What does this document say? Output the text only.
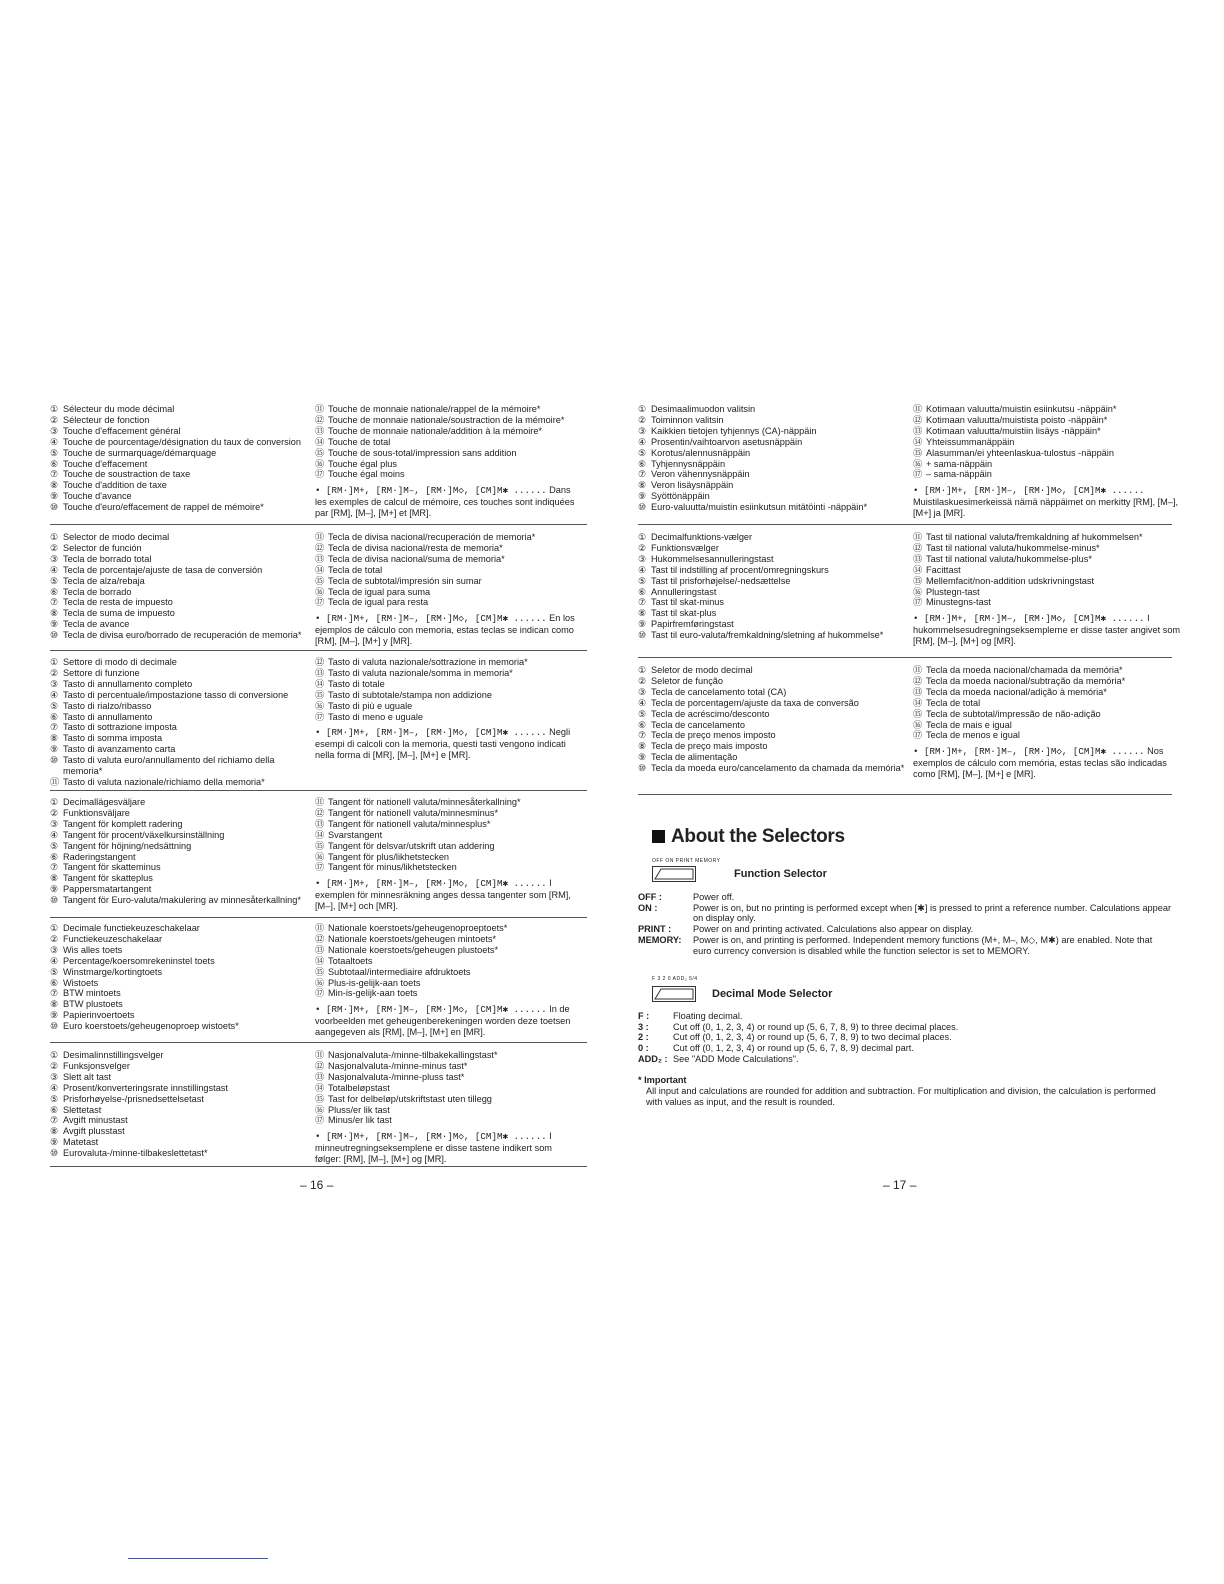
① Sélecteur du mode décimal
② Sélecteur de fonction
③ Touche d'effacement général
④ Touche de pourcentage/désignation du taux de conversion
⑤ Touche de surmarquage/démarquage
⑥ Touche d'effacement
⑦ Touche de soustraction de taxe
⑧ Touche d'addition de taxe
⑨ Touche d'avance
⑩ Touche d'euro/effacement de rappel de mémoire*
⑪ Touche de monnaie nationale/rappel de la mémoire*
⑫ Touche de monnaie nationale/soustraction de la mémoire*
⑬ Touche de monnaie nationale/addition à la mémoire*
⑭ Touche de total
⑮ Touche de sous-total/impression sans addition
⑯ Touche égal plus
⑰ Touche égal moins
• [RM·]M+, [RM·]M–, [RM·]M◇, [CM]M✱ ...... Dans les exemples de calcul de mémoire, ces touches sont indiquées par [RM], [M–], [M+] et [MR].
① Selector de modo decimal
② Selector de función
③ Tecla de borrado total
④ Tecla de porcentaje/ajuste de tasa de conversión
⑤ Tecla de alza/rebaja
⑥ Tecla de borrado
⑦ Tecla de resta de impuesto
⑧ Tecla de suma de impuesto
⑨ Tecla de avance
⑩ Tecla de divisa euro/borrado de recuperación de memoria*
⑪ Tecla de divisa nacional/recuperación de memoria*
⑫ Tecla de divisa nacional/resta de memoria*
⑬ Tecla de divisa nacional/suma de memoria*
⑭ Tecla de total
⑮ Tecla de subtotal/impresión sin sumar
⑯ Tecla de igual para suma
⑰ Tecla de igual para resta
• [RM·]M+, [RM·]M–, [RM·]M◇, [CM]M✱ ...... En los ejemplos de cálculo con memoria, estas teclas se indican como [RM], [M–], [M+] y [MR].
① Settore di modo di decimale
② Settore di funzione
③ Tasto di annullamento completo
④ Tasto di percentuale/impostazione tasso di conversione
⑤ Tasto di rialzo/ribasso
⑥ Tasto di annullamento
⑦ Tasto di sottrazione imposta
⑧ Tasto di somma imposta
⑨ Tasto di avanzamento carta
⑩ Tasto di valuta euro/annullamento del richiamo della memoria*
⑪ Tasto di valuta nazionale/richiamo della memoria*
⑫ Tasto di valuta nazionale/sottrazione in memoria*
⑬ Tasto di valuta nazionale/somma in memoria*
⑭ Tasto di totale
⑮ Tasto di subtotale/stampa non addizione
⑯ Tasto di più e uguale
⑰ Tasto di meno e uguale
• [RM·]M+, [RM·]M–, [RM·]M◇, [CM]M✱ ...... Negli esempi di calcoli con la memoria, questi tasti vengono indicati nella forma di [MR], [M–], [M+] e [MR].
① Decimallägesväljare
② Funktionsväljare
③ Tangent för komplett radering
④ Tangent för procent/växelkursinställning
⑤ Tangent för höjning/nedsättning
⑥ Raderingstangent
⑦ Tangent för skatteminus
⑧ Tangent för skatteplus
⑨ Pappersmatartangent
⑩ Tangent för Euro-valuta/makulering av minnesåterkallning*
⑪ Tangent för nationell valuta/minnesåterkallning*
⑫ Tangent för nationell valuta/minnesminus*
⑬ Tangent för nationell valuta/minnesplus*
⑭ Svarstangent
⑮ Tangent för delsvar/utskrift utan addering
⑯ Tangent för plus/likhetstecken
⑰ Tangent för minus/likhetstecken
• [RM·]M+, [RM·]M–, [RM·]M◇, [CM]M✱ ...... I exemplen för minnesräkning anges dessa tangenter som [RM], [M–], [M+] och [MR].
① Decimale functiekeuzeschakelaar
② Functiekeuzeschakelaar
③ Wis alles toets
④ Percentage/koersomrekeninstel toets
⑤ Winstmarge/kortingtoets
⑥ Wistoets
⑦ BTW mintoets
⑧ BTW plustoets
⑨ Papierinvoertoets
⑩ Euro koerstoets/geheugenoproep wistoets*
⑪ Nationale koerstoets/geheugenoproeptoets*
⑫ Nationale koerstoets/geheugen mintoets*
⑬ Nationale koerstoets/geheugen plustoets*
⑭ Totaaltoets
⑮ Subtotaal/intermediaire afdruktoets
⑯ Plus-is-gelijk-aan toets
⑰ Min-is-gelijk-aan toets
• [RM·]M+, [RM·]M–, [RM·]M◇, [CM]M✱ ...... In de voorbeelden met geheugenberekeningen worden deze toetsen aangegeven als [RM], [M–], [M+] en [MR].
① Desimalinnstillingsvelger
② Funksjonsvelger
③ Slett alt tast
④ Prosent/konverteringsrate innstillingstast
⑤ Prisforhøyelse-/prisnedsettelsetast
⑥ Slettetast
⑦ Avgift minustast
⑧ Avgift plusstast
⑨ Matetast
⑩ Eurovaluta-/minne-tilbakeslettetast*
⑪ Nasjonalvaluta-/minne-tilbakekallingstast*
⑫ Nasjonalvaluta-/minne-minus tast*
⑬ Nasjonalvaluta-/minne-pluss tast*
⑭ Totalbeløpstast
⑮ Tast for delbeløp/utskriftstast uten tillegg
⑯ Pluss/er lik tast
⑰ Minus/er lik tast
• [RM·]M+, [RM·]M–, [RM·]M◇, [CM]M✱ ...... I minneutregningseksemplene er disse tastene indikert som følger: [RM], [M–], [M+] og [MR].
① Desimaalimuodon valitsin
② Toiminnon valitsin
③ Kaikkien tietojen tyhjennys (CA)-näppäin
④ Prosentin/vaihtoarvon asetusnäppäin
⑤ Korotus/alennusnäppäin
⑥ Tyhjennysnäppäin
⑦ Veron vähennysnäppäin
⑧ Veron lisäysnäppäin
⑨ Syöttönäppäin
⑩ Euro-valuutta/muistin esiinkutsun mitätöinti -näppäin*
⑪ Kotimaan valuutta/muistin esiinkutsu -näppäin*
⑫ Kotimaan valuutta/muistista poisto -näppäin*
⑬ Kotimaan valuutta/muistiin lisäys -näppäin*
⑭ Yhteissummanäppäin
⑮ Alasumman/ei yhteenlaskua-tulostus -näppäin
⑯ + sama-näppäin
⑰ – sama-näppäin
• [RM·]M+, [RM·]M–, [RM·]M◇, [CM]M✱ ...... Muistilaskuesimerkeissä nämä näppäimet on merkitty [RM], [M–], [M+] ja [MR].
① Decimalfunktions-vælger
② Funktionsvælger
③ Hukommelsesannulleringstast
④ Tast til indstilling af procent/omregningskurs
⑤ Tast til prisforhøjelse/-nedsættelse
⑥ Annulleringstast
⑦ Tast til skat-minus
⑧ Tast til skat-plus
⑨ Papirfremføringstast
⑩ Tast til euro-valuta/fremkaldning/sletning af hukommelse*
⑪ Tast til national valuta/fremkaldning af hukommelsen*
⑫ Tast til national valuta/hukommelse-minus*
⑬ Tast til national valuta/hukommelse-plus*
⑭ Facittast
⑮ Mellemfacit/non-addition udskrivningstast
⑯ Plustegn-tast
⑰ Minustegns-tast
• [RM·]M+, [RM·]M–, [RM·]M◇, [CM]M✱ ...... I hukommelsesudregningseksemplerne er disse taster angivet som [RM], [M–], [M+] og [MR].
① Seletor de modo decimal
② Seletor de função
③ Tecla de cancelamento total (CA)
④ Tecla de porcentagem/ajuste da taxa de conversão
⑤ Tecla de acréscimo/desconto
⑥ Tecla de cancelamento
⑦ Tecla de preço menos imposto
⑧ Tecla de preço mais imposto
⑨ Tecla de alimentação
⑩ Tecla da moeda euro/cancelamento da chamada da memória*
⑪ Tecla da moeda nacional/chamada da memória*
⑫ Tecla da moeda nacional/subtração da memória*
⑬ Tecla da moeda nacional/adição à memória*
⑭ Tecla de total
⑮ Tecla de subtotal/impressão de não-adição
⑯ Tecla de mais e igual
⑰ Tecla de menos e igual
• [RM·]M+, [RM·]M–, [RM·]M◇, [CM]M✱ ...... Nos exemplos de cálculo com memória, estas teclas são indicadas como [RM], [M–], [M+] e [MR].
– 16 –	– 17 –
About the Selectors
OFF ON PRINT MEMORY
Function Selector
OFF :	Power off.
ON :	Power is on, but no printing is performed except when [✱] is pressed to print a reference number. Calculations appear on display only.
PRINT : Power on and printing activated. Calculations also appear on display.
MEMORY: Power is on, and printing is performed. Independent memory functions (M+, M–, M◇, M✱) are enabled. Note that euro currency conversion is disabled while the function selector is set to MEMORY.
F 3 2 0 ADD₂ 5/4
Decimal Mode Selector
F :	Floating decimal.
3 :	Cut off (0, 1, 2, 3, 4) or round up (5, 6, 7, 8, 9) to three decimal places.
2 :	Cut off (0, 1, 2, 3, 4) or round up (5, 6, 7, 8, 9) to two decimal places.
0 :	Cut off (0, 1, 2, 3, 4) or round up (5, 6, 7, 8, 9) decimal part.
ADD₂ : See "ADD Mode Calculations".
* Important
All input and calculations are rounded for addition and subtraction. For multiplication and division, the calculation is performed with values as input, and the result is rounded.
